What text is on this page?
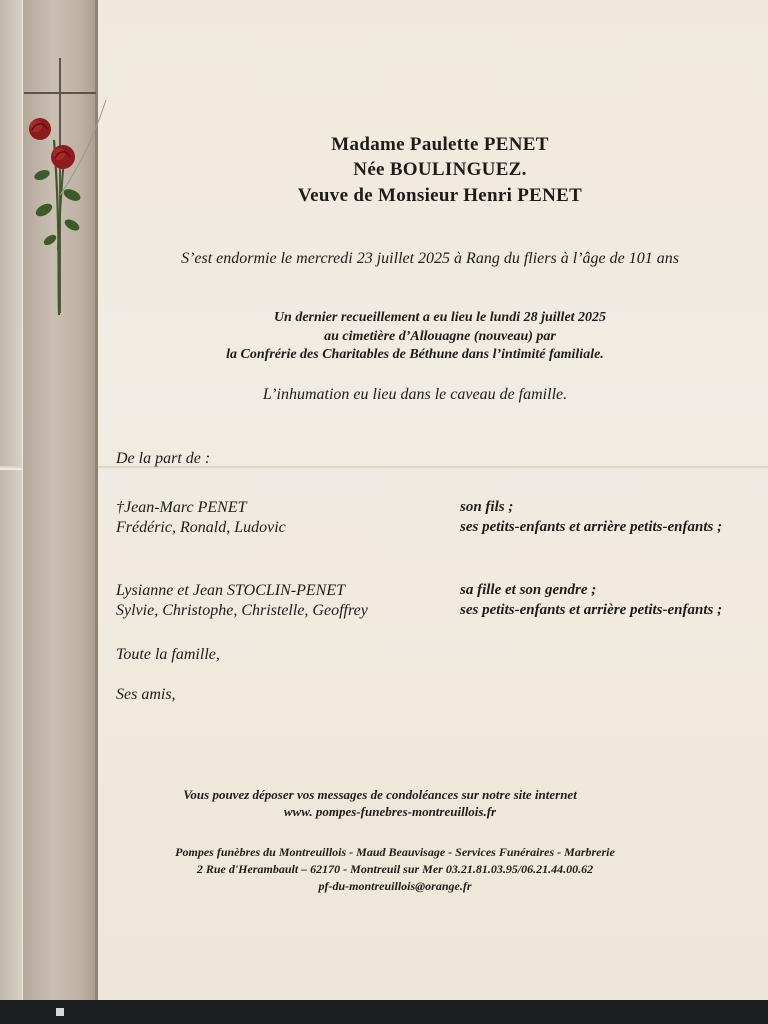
Madame Paulette PENET
Née BOULINGUEZ.
Veuve de Monsieur Henri PENET
S’est endormie le mercredi 23 juillet 2025 à Rang du fliers à l’âge de 101 ans
Un dernier recueillement a eu lieu le lundi 28 juillet 2025
au cimetière d’Allouagne (nouveau) par
la Confrérie des Charitables de Béthune dans l’intimité familiale.
L’inhumation eu lieu dans le caveau de famille.
De la part de :
†Jean-Marc PENET	son fils ;
Frédéric, Ronald, Ludovic	ses petits-enfants et arrière petits-enfants ;
Lysianne et Jean STOCLIN-PENET	sa fille et son gendre ;
Sylvie, Christophe, Christelle, Geoffrey	ses petits-enfants et arrière petits-enfants ;
Toute la famille,
Ses amis,
Vous pouvez déposer vos messages de condoléances sur notre site internet
www. pompes-funebres-montreuillois.fr
Pompes funèbres du Montreuillois - Maud Beauvisage - Services Funéraires - Marbrerie
2 Rue d'Herambault – 62170 - Montreuil sur Mer 03.21.81.03.95/06.21.44.00.62
pf-du-montreuillois@orange.fr
